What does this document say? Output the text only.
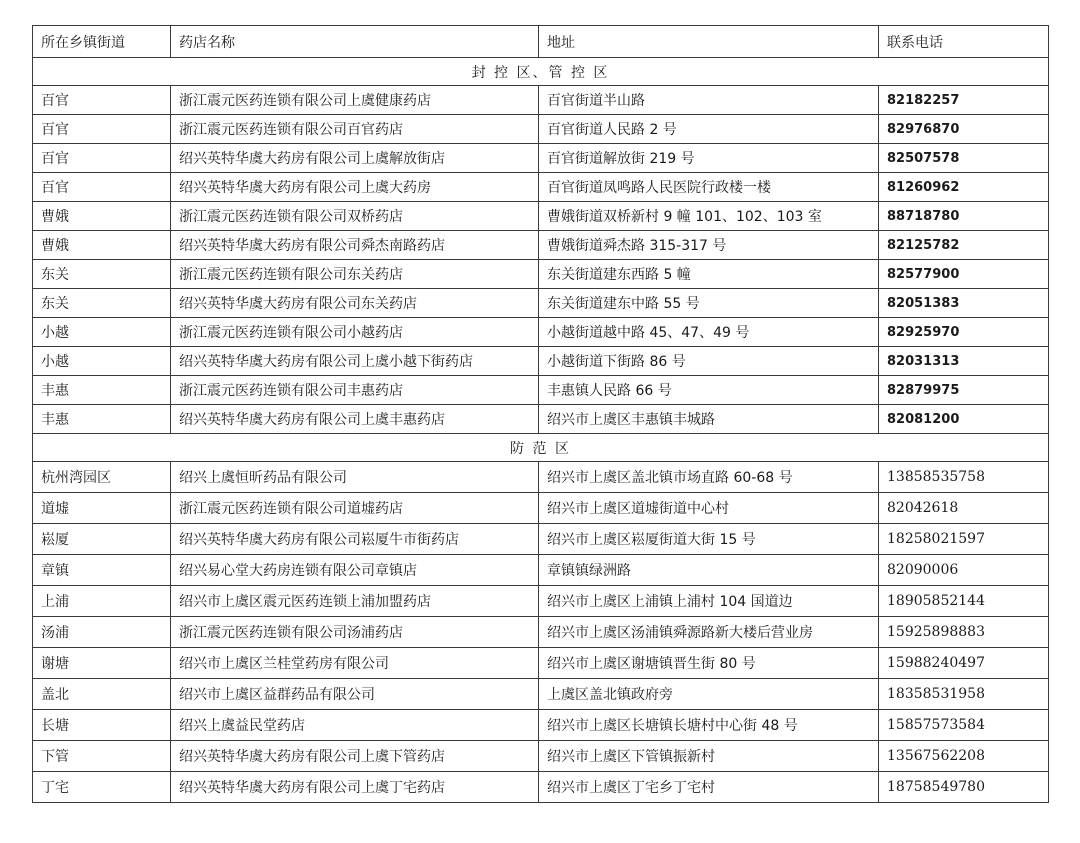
所在乡镇街道	药店名称	地址	联系电话
封 控 区、管 控 区			
百官	浙江震元医药连锁有限公司上虞健康药店	百官街道半山路	82182257
百官	浙江震元医药连锁有限公司百官药店	百官街道人民路 2 号	82976870
百官	绍兴英特华虞大药房有限公司上虞解放街店	百官街道解放街 219 号	82507578
百官	绍兴英特华虞大药房有限公司上虞大药房	百官街道凤鸣路人民医院行政楼一楼	81260962
曹娥	浙江震元医药连锁有限公司双桥药店	曹娥街道双桥新村 9 幢 101、102、103 室	88718780
曹娥	绍兴英特华虞大药房有限公司舜杰南路药店	曹娥街道舜杰路 315-317 号	82125782
东关	浙江震元医药连锁有限公司东关药店	东关街道建东西路 5 幢	82577900
东关	绍兴英特华虞大药房有限公司东关药店	东关街道建东中路 55 号	82051383
小越	浙江震元医药连锁有限公司小越药店	小越街道越中路 45、47、49 号	82925970
小越	绍兴英特华虞大药房有限公司上虞小越下街药店	小越街道下街路 86 号	82031313
丰惠	浙江震元医药连锁有限公司丰惠药店	丰惠镇人民路 66 号	82879975
丰惠	绍兴英特华虞大药房有限公司上虞丰惠药店	绍兴市上虞区丰惠镇丰城路	82081200
防 范 区			
杭州湾园区	绍兴上虞恒昕药品有限公司	绍兴市上虞区盖北镇市场直路 60-68 号	13858535758
道墟	浙江震元医药连锁有限公司道墟药店	绍兴市上虞区道墟街道中心村	82042618
崧厦	绍兴英特华虞大药房有限公司崧厦牛市街药店	绍兴市上虞区崧厦街道大街 15 号	18258021597
章镇	绍兴易心堂大药房连锁有限公司章镇店	章镇镇绿洲路	82090006
上浦	绍兴市上虞区震元医药连锁上浦加盟药店	绍兴市上虞区上浦镇上浦村 104 国道边	18905852144
汤浦	浙江震元医药连锁有限公司汤浦药店	绍兴市上虞区汤浦镇舜源路新大楼后营业房	15925898883
谢塘	绍兴市上虞区兰桂堂药房有限公司	绍兴市上虞区谢塘镇晋生街 80 号	15988240497
盖北	绍兴市上虞区益群药品有限公司	上虞区盖北镇政府旁	18358531958
长塘	绍兴上虞益民堂药店	绍兴市上虞区长塘镇长塘村中心街 48 号	15857573584
下管	绍兴英特华虞大药房有限公司上虞下管药店	绍兴市上虞区下管镇振新村	13567562208
丁宅	绍兴英特华虞大药房有限公司上虞丁宅药店	绍兴市上虞区丁宅乡丁宅村	18758549780
